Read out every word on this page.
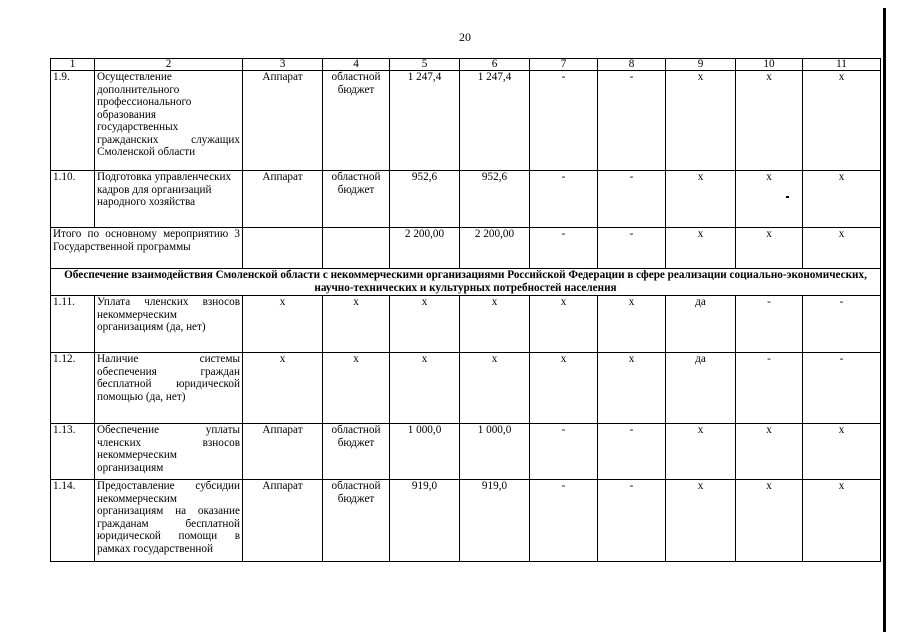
20
1	2	3	4	5	6	7	8	9	10	11
1.9.	Осуществление дополнительного профессионального образования государственных гражданских служащих Смоленской области	Аппарат	областной бюджет	1 247,4	1 247,4	-	-	x	x	x
1.10.	Подготовка управленческих кадров для организаций народного хозяйства	Аппарат	областной бюджет	952,6	952,6	-	-	x	x	x
Итого по основному мероприятию 3 Государственной программы				2 200,00	2 200,00	-	-	x	x	x
Обеспечение взаимодействия Смоленской области с некоммерческими организациями Российской Федерации в сфере реализации социально-экономических, научно-технических и культурных потребностей населения										
1.11.	Уплата членских взносов некоммерческим организациям (да, нет)	x	x	x	x	x	x	да	-	-
1.12.	Наличие системы обеспечения граждан бесплатной юридической помощью (да, нет)	x	x	x	x	x	x	да	-	-
1.13.	Обеспечение уплаты членских взносов некоммерческим организациям	Аппарат	областной бюджет	1 000,0	1 000,0	-	-	x	x	x
1.14.	Предоставление субсидии некоммерческим организациям на оказание гражданам бесплатной юридической помощи в рамках государственной	Аппарат	областной бюджет	919,0	919,0	-	-	x	x	x
